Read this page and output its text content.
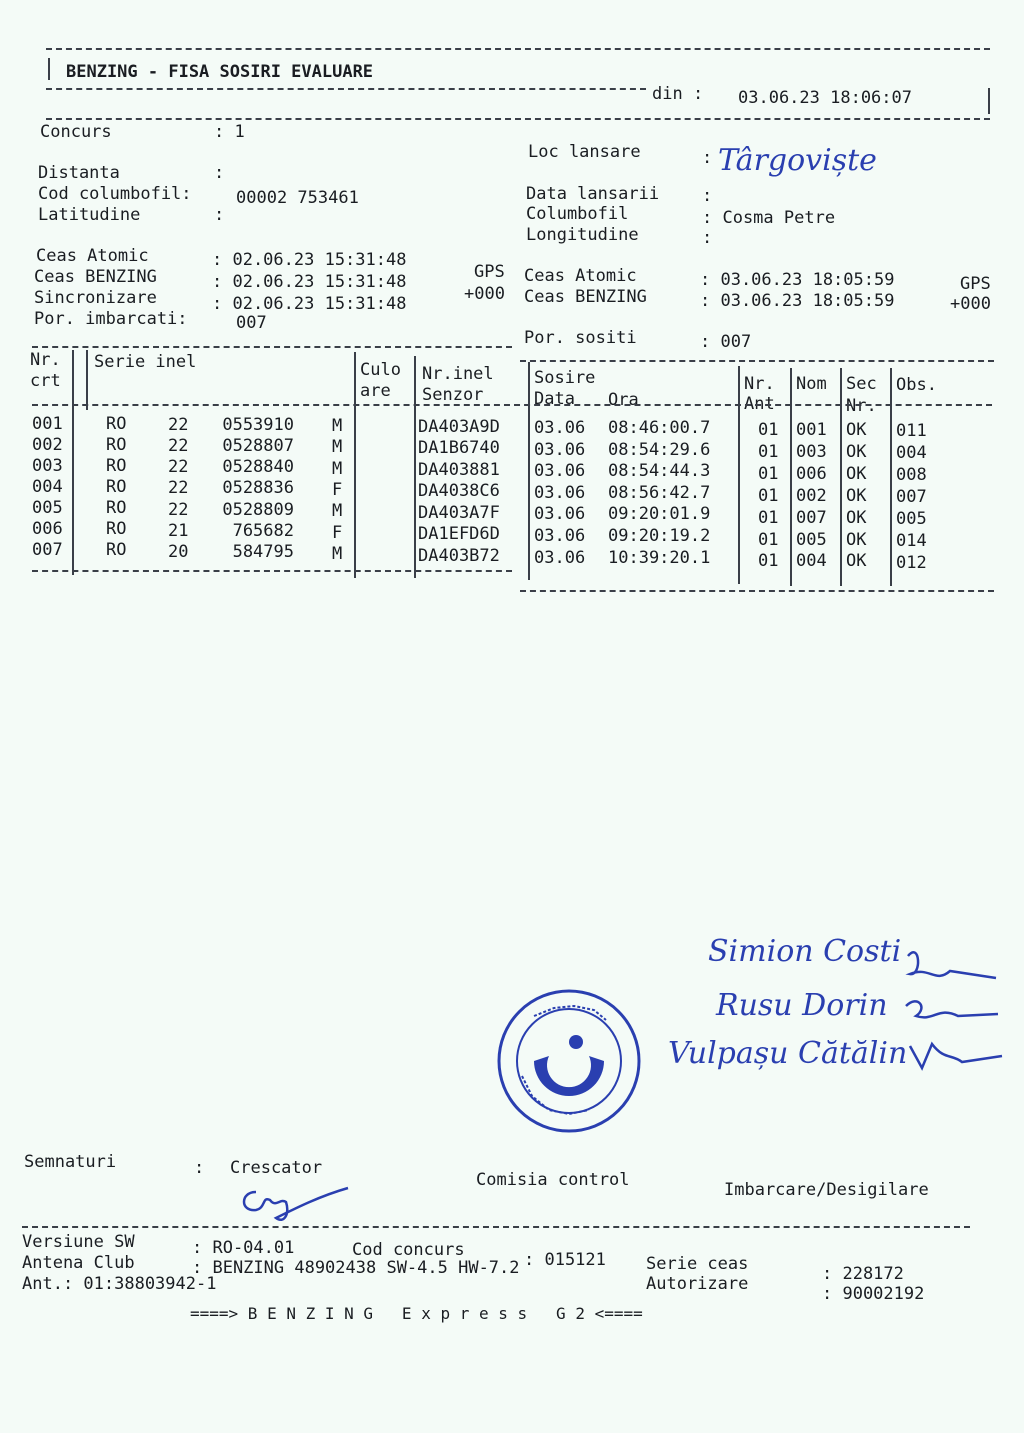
BENZING - FISA SOSIRI EVALUARE
din : 03.06.23 18:06:07
Concurs	: 1
Distanta	:
Cod columbofil:	00002 753461
Latitudine	:
Loc lansare	: Târgoviște
Data lansarii	:
Columbofil	: Cosma Petre
Longitudine	:
Ceas Atomic	: 02.06.23 15:31:48
GPS
Ceas BENZING	: 02.06.23 15:31:48
+000
Sincronizare	: 02.06.23 15:31:48
Por. imbarcati:	007
Ceas Atomic	: 03.06.23 18:05:59	GPS
Ceas BENZING	: 03.06.23 18:05:59	+000
Por. sositi	: 007
Nr.
crt
Serie inel	Culo
are
Nr.inel
Senzor
Sosire
Data Ora
Nr.
Ant
Nom Sec
Nr.
Obs.
001	RO 22	0553910 M	DA403A9D 03.06 08:46:00.7	01 001 OK 011
002	RO 22	0528807 M	DA1B6740 03.06 08:54:29.6	01 003 OK 004
003	RO 22	0528840 M	DA403881 03.06 08:54:44.3	01 006 OK 008
004	RO 22	0528836 F	DA4038C6 03.06 08:56:42.7	01 002 OK 007
005	RO 22	0528809 M	DA403A7F 03.06 09:20:01.9	01 007 OK 005
006	RO 21	765682 F	DA1EFD6D 03.06 09:20:19.2	01 005 OK 014
007	RO 20	584795 M	DA403B72 03.06 10:39:20.1	01 004 OK 012
Simion Costi
Rusu Dorin
Vulpașu Cătălin
Semnaturi	: Crescator
Comisia control	Imbarcare/Desigilare
Versiune SW	: RO-04.01	Cod concurs	: 015121 Serie ceas	: 228172
Antena Club	: BENZING 48902438 SW-4.5 HW-7.2
Autorizare	: 90002192
Ant.: 01:38803942-1
====> B E N Z I N G   E x p r e s s   G 2 <====
